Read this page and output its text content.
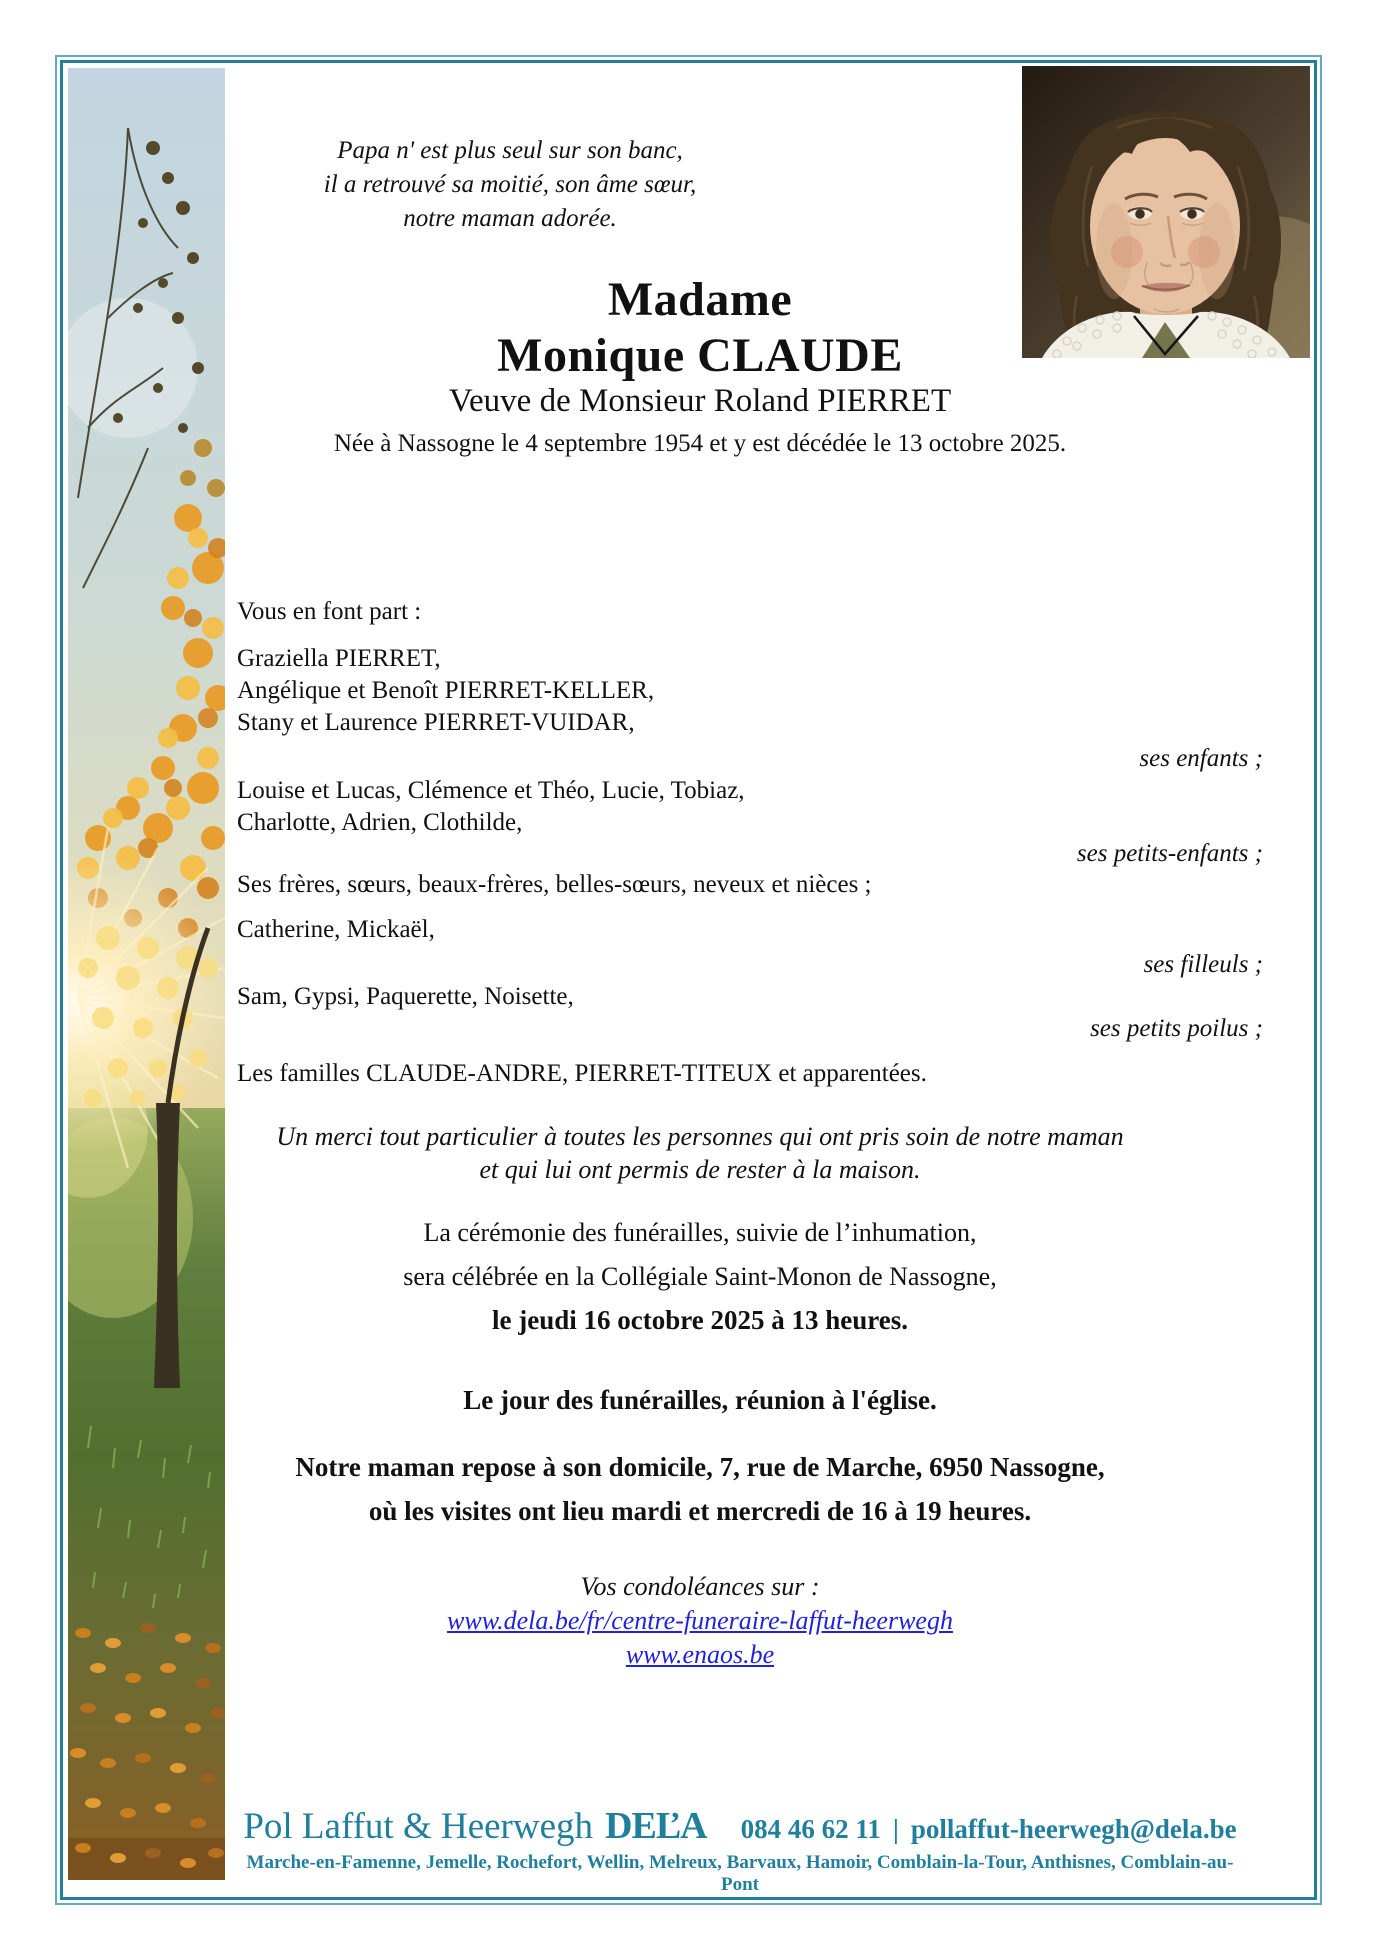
Papa n' est plus seul sur son banc,
il a retrouvé sa moitié, son âme sœur,
notre maman adorée.
Madame
Monique CLAUDE
Veuve de Monsieur Roland PIERRET
Née à Nassogne le 4 septembre 1954 et y est décédée le 13 octobre 2025.
Vous en font part :
Graziella PIERRET,
Angélique et Benoît PIERRET-KELLER,
Stany et Laurence PIERRET-VUIDAR,
ses enfants ;
Louise et Lucas, Clémence et Théo, Lucie, Tobiaz,
Charlotte, Adrien, Clothilde,
ses petits-enfants ;
Ses frères, sœurs, beaux-frères, belles-sœurs, neveux et nièces ;
Catherine, Mickaël,
ses filleuls ;
Sam, Gypsi, Paquerette, Noisette,
ses petits poilus ;
Les familles CLAUDE-ANDRE, PIERRET-TITEUX et apparentées.
Un merci tout particulier à toutes les personnes qui ont pris soin de notre maman
et qui lui ont permis de rester à la maison.
La cérémonie des funérailles, suivie de l’inhumation,
sera célébrée en la Collégiale Saint-Monon de Nassogne,
le jeudi 16 octobre 2025 à 13 heures.
Le jour des funérailles, réunion à l'église.
Notre maman repose à son domicile, 7, rue de Marche, 6950 Nassogne,
où les visites ont lieu mardi et mercredi de 16 à 19 heures.
Vos condoléances sur :
www.dela.be/fr/centre-funeraire-laffut-heerwegh
www.enaos.be
Pol Laffut & Heerwegh DEĽA 084 46 62 11 | pollaffut-heerwegh@dela.be
Marche-en-Famenne, Jemelle, Rochefort, Wellin, Melreux, Barvaux, Hamoir, Comblain-la-Tour, Anthisnes, Comblain-au-Pont
